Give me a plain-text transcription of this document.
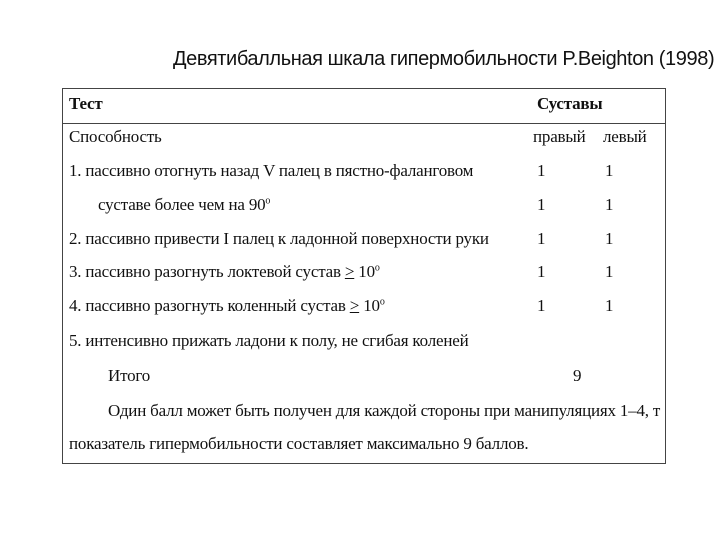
Девятибалльная шкала гипермобильности P.Beighton (1998)
Тест	Суставы
Способность	правый левый
1. пассивно отогнуть назад V палец в пястно-фаланговом	1	1
суставе более чем на $90^о$	1	1
2. пассивно привести I палец к ладонной поверхности руки	1	1
3. пассивно разогнуть локтевой сустав > $10^о$	1	1
4. пассивно разогнуть коленный сустав > $10^о$	1	1
5. интенсивно прижать ладони к полу, не сгибая коленей
Итого	9
Один балл может быть получен для каждой стороны при манипуляциях 1–4, т
показатель гипермобильности составляет максимально 9 баллов.
